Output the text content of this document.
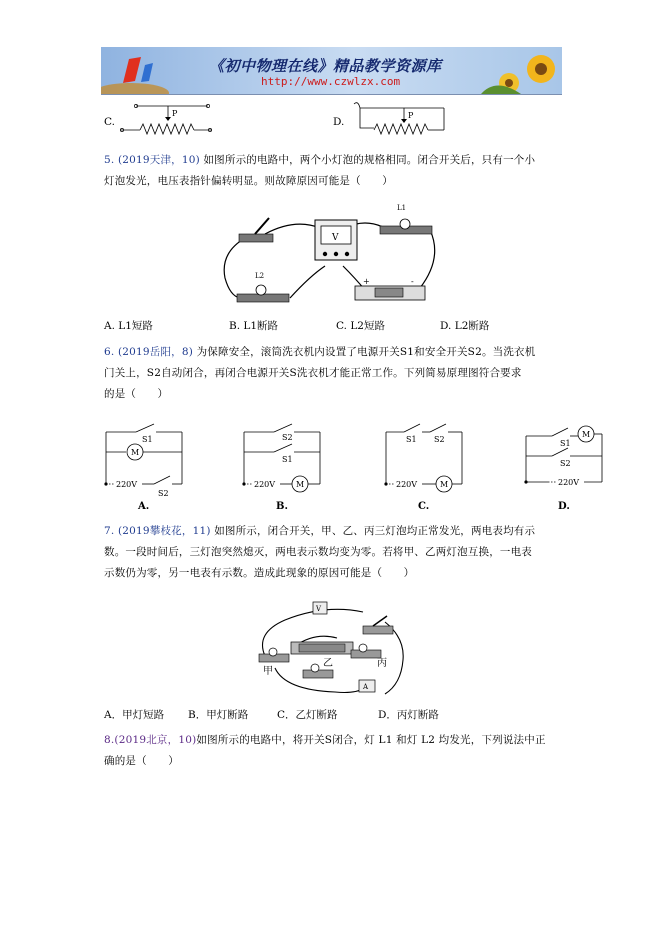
《初中物理在线》精品教学资源库
http://www.czwlzx.com
C.
P
D.
P
5. (2019天津，10) 如图所示的电路中，两个小灯泡的规格相同。闭合开关后，只有一个小
灯泡发光，电压表指针偏转明显。则故障原因可能是（　　）
V
L1
L2
+	-
A. L1短路	B. L1断路	C. L2短路	D. L2断路
6. (2019岳阳，8) 为保障安全，滚筒洗衣机内设置了电源开关S1和安全开关S2。当洗衣机
门关上，S2自动闭合，再闭合电源开关S洗衣机才能正常工作。下列简易原理图符合要求
的是（　　）
S1
M
220V
S2
A.
S2
S1
220V	M
B.
S1 S2
220V	M
C.
S1
M
S2
220V
D.
7. (2019攀枝花，11) 如图所示，闭合开关，甲、乙、丙三灯泡均正常发光，两电表均有示
数。一段时间后，三灯泡突然熄灭，两电表示数均变为零。若将甲、乙两灯泡互换，一电表
示数仍为零，另一电表有示数。造成此现象的原因可能是（　　）
V
甲
乙	丙
A
A．甲灯短路 B．甲灯断路	C．乙灯断路	D．丙灯断路
8.(2019北京，10)如图所示的电路中，将开关S闭合，灯 L1 和灯 L2 均发光，下列说法中正
确的是（　　）
